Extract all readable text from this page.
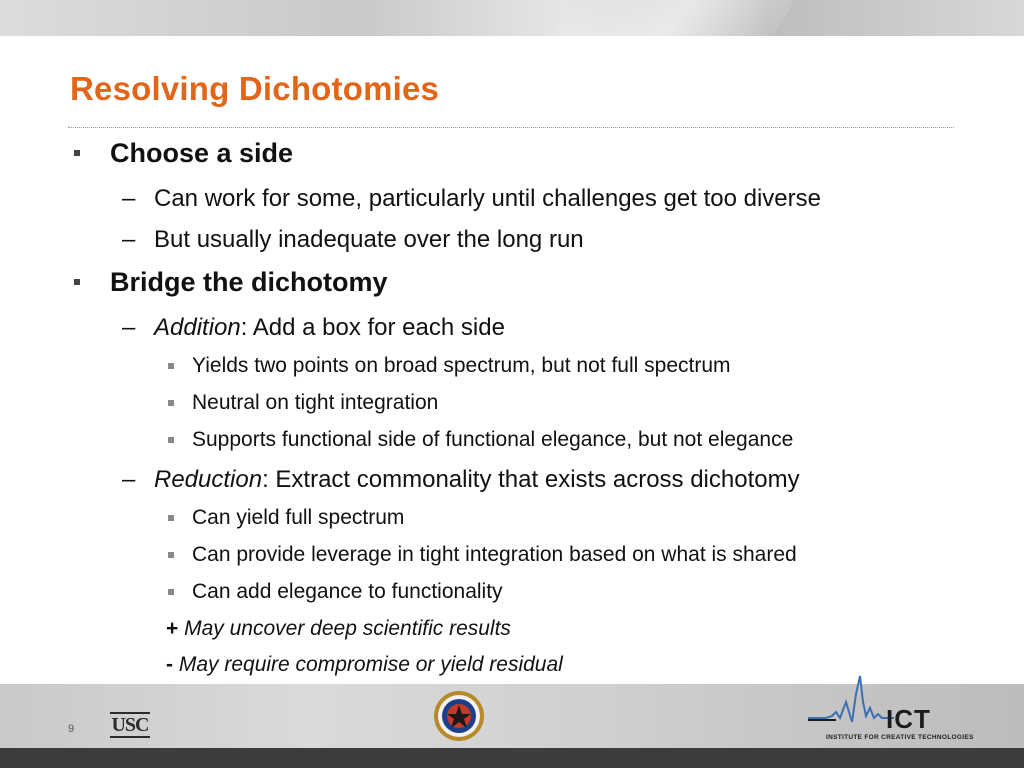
Resolving Dichotomies
Choose a side
– Can work for some, particularly until challenges get too diverse
– But usually inadequate over the long run
Bridge the dichotomy
– Addition: Add a box for each side
Yields two points on broad spectrum, but not full spectrum
Neutral on tight integration
Supports functional side of functional elegance, but not elegance
– Reduction: Extract commonality that exists across dichotomy
Can yield full spectrum
Can provide leverage in tight integration based on what is shared
Can add elegance to functionality
+ May uncover deep scientific results
- May require compromise or yield residual
9 USC	ICT
INSTITUTE FOR CREATIVE TECHNOLOGIES
